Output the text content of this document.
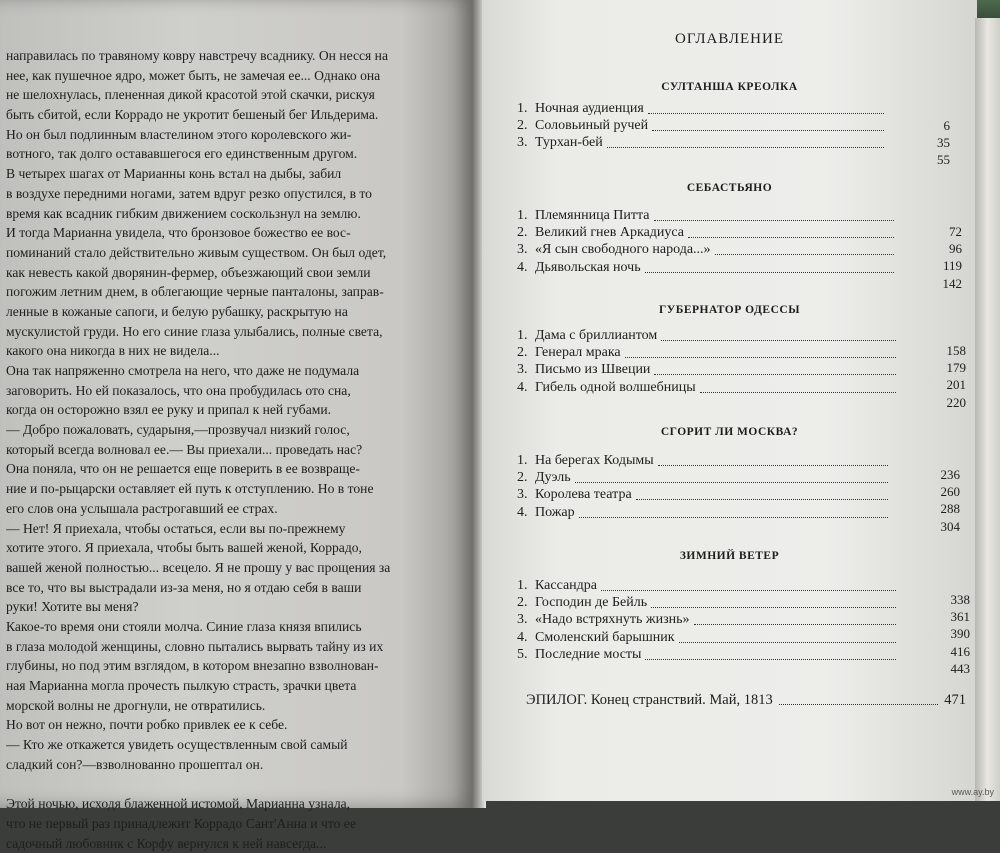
направилась по травяному ковру навстречу всаднику. Он несся на
нее, как пушечное ядро, может быть, не замечая ее... Однако она
не шелохнулась, плененная дикой красотой этой скачки, рискуя
быть сбитой, если Коррадо не укротит бешеный бег Ильдерима.
Но он был подлинным властелином этого королевского жи-
вотного, так долго остававшегося его единственным другом.
В четырех шагах от Марианны конь встал на дыбы, забил
в воздухе передними ногами, затем вдруг резко опустился, в то
время как всадник гибким движением соскользнул на землю.
И тогда Марианна увидела, что бронзовое божество ее вос-
поминаний стало действительно живым существом. Он был одет,
как невесть какой дворянин-фермер, объезжающий свои земли
погожим летним днем, в облегающие черные панталоны, заправ-
ленные в кожаные сапоги, и белую рубашку, раскрытую на
мускулистой груди. Но его синие глаза улыбались, полные света,
какого она никогда в них не видела...
Она так напряженно смотрела на него, что даже не подумала
заговорить. Но ей показалось, что она пробудилась ото сна,
когда он осторожно взял ее руку и припал к ней губами.
— Добро пожаловать, сударыня,—прозвучал низкий голос,
который всегда волновал ее.— Вы приехали... проведать нас?
Она поняла, что он не решается еще поверить в ее возвраще-
ние и по-рыцарски оставляет ей путь к отступлению. Но в тоне
его слов она услышала растрогавший ее страх.
— Нет! Я приехала, чтобы остаться, если вы по-прежнему
хотите этого. Я приехала, чтобы быть вашей женой, Коррадо,
вашей женой полностью... всецело. Я не прошу у вас прощения за
все то, что вы выстрадали из-за меня, но я отдаю себя в ваши
руки! Хотите вы меня?
Какое-то время они стояли молча. Синие глаза князя впились
в глаза молодой женщины, словно пытались вырвать тайну из их
глубины, но под этим взглядом, в котором внезапно взволнован-
ная Марианна могла прочесть пылкую страсть, зрачки цвета
морской волны не дрогнули, не отвратились.
Но вот он нежно, почти робко привлек ее к себе.
— Кто же откажется увидеть осуществленным свой самый
сладкий сон?—взволнованно прошептал он.
Этой ночью, исходя блаженной истомой, Марианна узнала,
что не первый раз принадлежит Коррадо Сант'Анна и что ее
садочный любовник с Корфу вернулся к ней навсегда...
ОГЛАВЛЕНИЕ
СУЛТАНША КРЕОЛКА
1. Ночная аудиенция
6
2. Соловьиный ручей
35
3. Турхан-бей
55
СЕБАСТЬЯНО
1. Племянница Питта
72
2. Великий гнев Аркадиуса
96
3. «Я сын свободного народа...»
119
4. Дьявольская ночь
142
ГУБЕРНАТОР ОДЕССЫ
1. Дама с бриллиантом
158
2. Генерал мрака
179
3. Письмо из Швеции
201
4. Гибель одной волшебницы
220
СГОРИТ ЛИ МОСКВА?
1. На берегах Кодымы
236
2. Дуэль
260
3. Королева театра
288
4. Пожар
304
ЗИМНИЙ ВЕТЕР
1. Кассандра
338
2. Господин де Бейль
361
3. «Надо встряхнуть жизнь»
390
4. Смоленский барышник
416
5. Последние мосты
443
ЭПИЛОГ. Конец странствий. Май, 1813	471
www.ay.by
